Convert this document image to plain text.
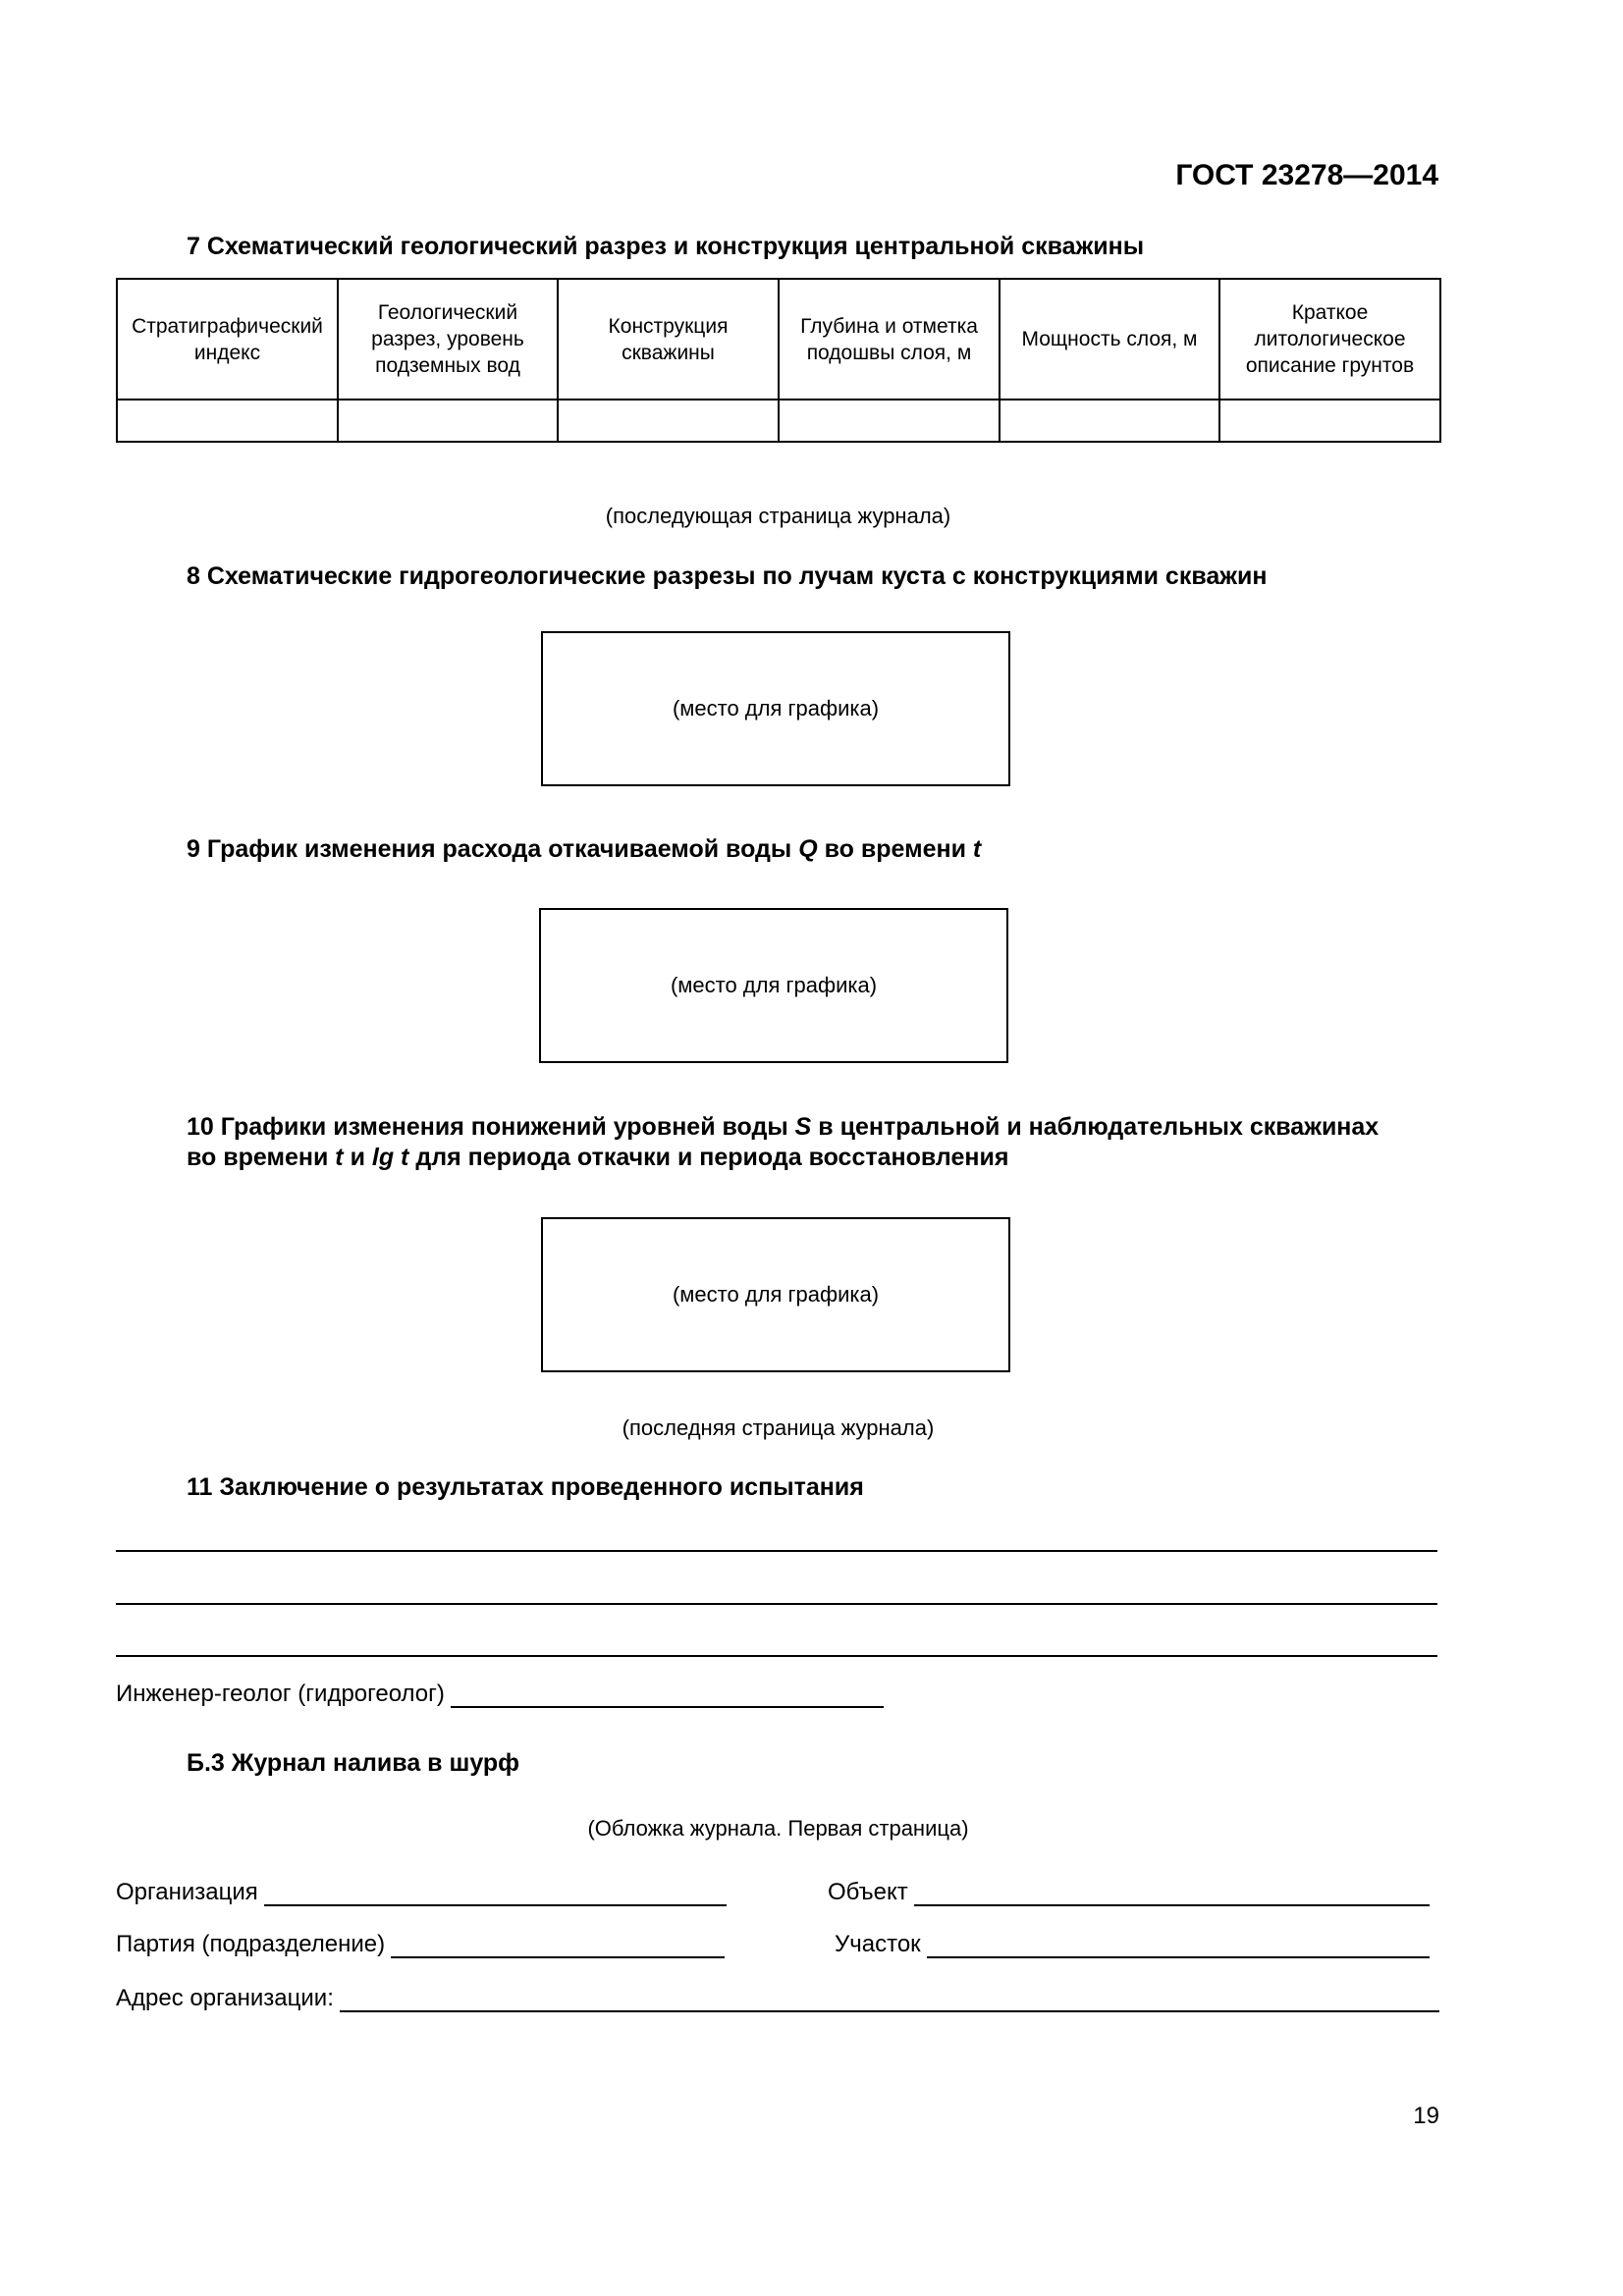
ГОСТ 23278—2014
7 Схематический геологический разрез и конструкция центральной скважины
Стратиграфический индекс	Геологический разрез, уровень подземных вод	Конструкция скважины	Глубина и отметка подошвы слоя, м	Мощность слоя, м	Краткое литологическое описание грунтов

(последующая страница журнала)
8 Схематические гидрогеологические разрезы по лучам куста с конструкциями скважин
(место для графика)
9 График изменения расхода откачиваемой воды Q во времени t
(место для графика)
10 Графики изменения понижений уровней воды S в центральной и наблюдательных скважинах
во времени t и lg t для периода откачки и периода восстановления
(место для графика)
(последняя страница журнала)
11 Заключение о результатах проведенного испытания
Инженер-геолог (гидрогеолог)
Б.3 Журнал налива в шурф
(Обложка журнала. Первая страница)
Организация	Объект
Партия (подразделение)	Участок
Адрес организации:
19
